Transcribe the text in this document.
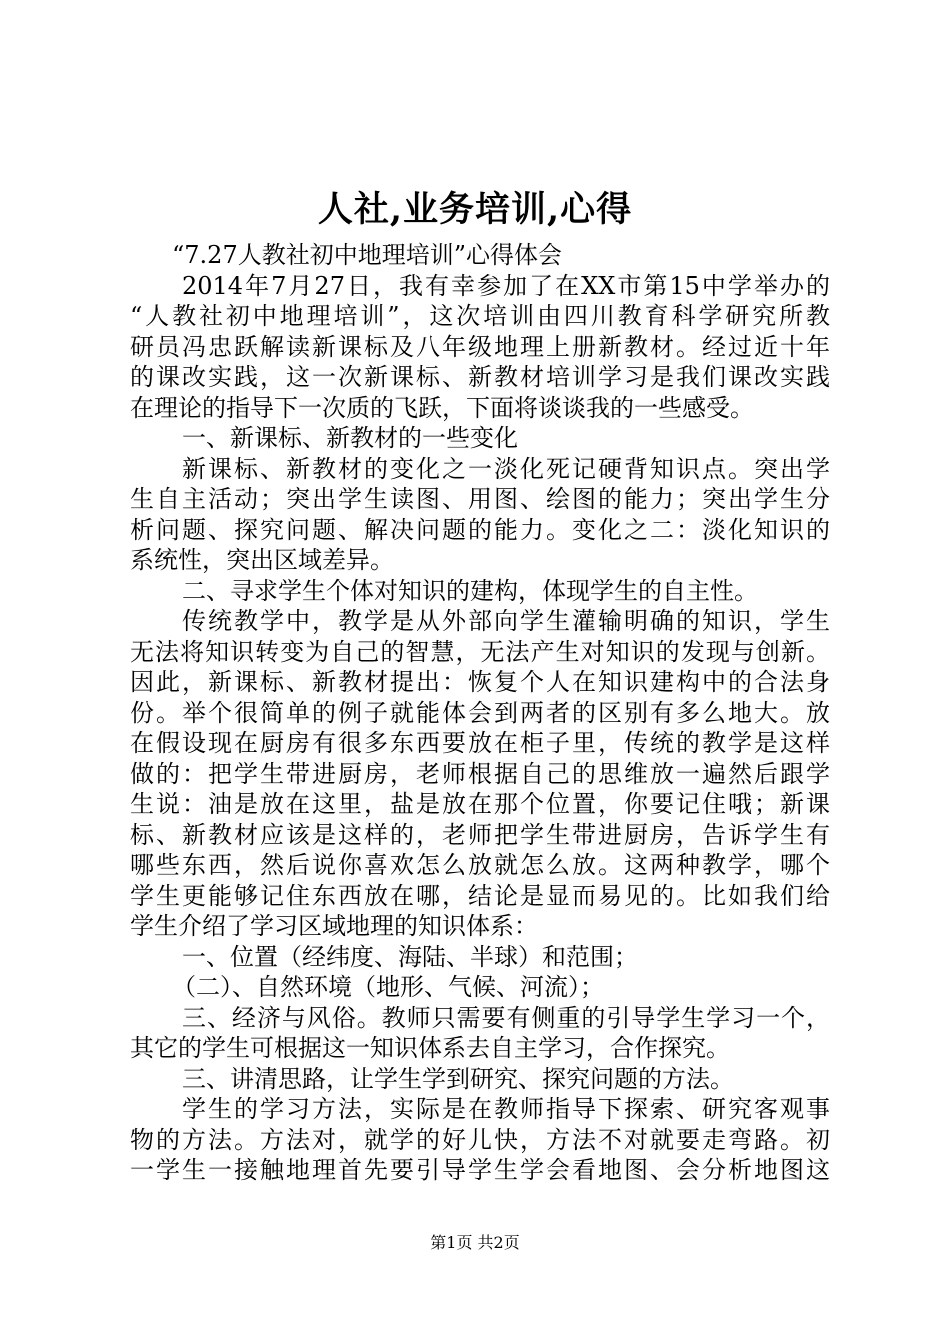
人社,业务培训,心得
“7.27人教社初中地理培训”心得体会
2014年7月27日，我有幸参加了在XX市第15中学举办的
“人教社初中地理培训”，这次培训由四川教育科学研究所教
研员冯忠跃解读新课标及八年级地理上册新教材。经过近十年
的课改实践，这一次新课标、新教材培训学习是我们课改实践
在理论的指导下一次质的飞跃，下面将谈谈我的一些感受。
一、新课标、新教材的一些变化
新课标、新教材的变化之一淡化死记硬背知识点。突出学
生自主活动；突出学生读图、用图、绘图的能力；突出学生分
析问题、探究问题、解决问题的能力。变化之二：淡化知识的
系统性，突出区域差异。
二、寻求学生个体对知识的建构，体现学生的自主性。
传统教学中，教学是从外部向学生灌输明确的知识，学生
无法将知识转变为自己的智慧，无法产生对知识的发现与创新。
因此，新课标、新教材提出：恢复个人在知识建构中的合法身
份。举个很简单的例子就能体会到两者的区别有多么地大。放
在假设现在厨房有很多东西要放在柜子里，传统的教学是这样
做的：把学生带进厨房，老师根据自己的思维放一遍然后跟学
生说：油是放在这里，盐是放在那个位置，你要记住哦；新课
标、新教材应该是这样的，老师把学生带进厨房，告诉学生有
哪些东西，然后说你喜欢怎么放就怎么放。这两种教学，哪个
学生更能够记住东西放在哪，结论是显而易见的。比如我们给
学生介绍了学习区域地理的知识体系：
一、位置（经纬度、海陆、半球）和范围；
（二）、自然环境（地形、气候、河流）；
三、经济与风俗。教师只需要有侧重的引导学生学习一个，
其它的学生可根据这一知识体系去自主学习，合作探究。
三、讲清思路，让学生学到研究、探究问题的方法。
学生的学习方法，实际是在教师指导下探索、研究客观事
物的方法。方法对，就学的好儿快，方法不对就要走弯路。初
一学生一接触地理首先要引导学生学会看地图、会分析地图这
第1页 共2页
